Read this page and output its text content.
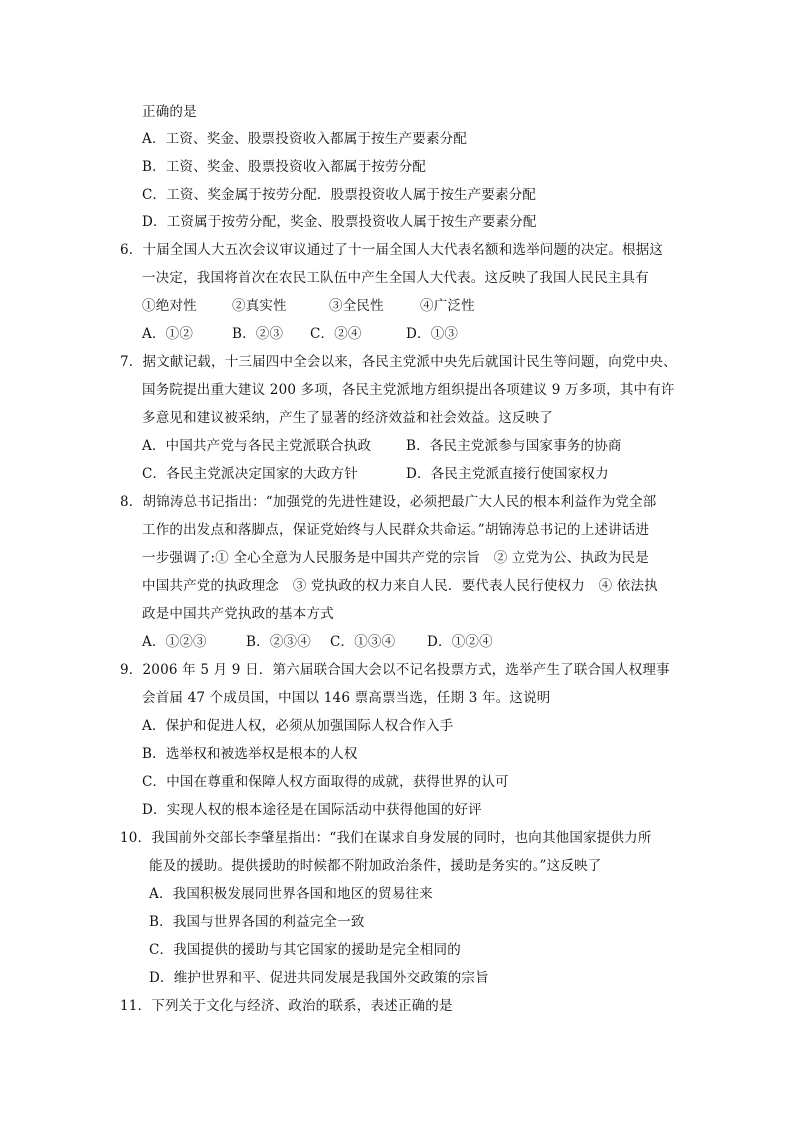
正确的是
A．工资、奖金、股票投资收入都属于按生产要素分配
B．工资、奖金、股票投资收入都属于按劳分配
C．工资、奖金属于按劳分配．股票投资收人属于按生产要素分配
D．工资属于按劳分配，奖金、股票投资收人属于按生产要素分配
6．十届全国人大五次会议审议通过了十一届全国人大代表名额和选举问题的决定。根据这
一决定，我国将首次在农民工队伍中产生全国人大代表。这反映了我国人民民主具有
①绝对性	②真实性	③全民性	④广泛性
A．①②	B．②③ C．②④	D．①③
7．据文献记载，十三届四中全会以来，各民主党派中央先后就国计民生等问题，向党中央、
国务院提出重大建议 200 多项，各民主党派地方组织提出各项建议 9 万多项，其中有许
多意见和建议被采纳，产生了显著的经济效益和社会效益。这反映了
A．中国共产党与各民主党派联合执政	B．各民主党派参与国家事务的协商
C．各民主党派决定国家的大政方针	D．各民主党派直接行使国家权力
8．胡锦涛总书记指出：“加强党的先进性建设，必须把最广大人民的根本利益作为党全部
工作的出发点和落脚点，保证党始终与人民群众共命运。”胡锦涛总书记的上述讲话进
一步强调了:① 全心全意为人民服务是中国共产党的宗旨　② 立党为公、执政为民是
中国共产党的执政理念　③ 党执政的权力来自人民．要代表人民行使权力　④ 依法执
政是中国共产党执政的基本方式
A．①②③	B．②③④ C．①③④ D．①②④
9．2006 年 5 月 9 日．第六届联合国大会以不记名投票方式，选举产生了联合国人权理事
会首届 47 个成员国，中国以 146 票高票当选，任期 3 年。这说明
A．保护和促进人权，必须从加强国际人权合作入手
B．选举权和被选举权是根本的人权
C．中国在尊重和保障人权方面取得的成就，获得世界的认可
D．实现人权的根本途径是在国际活动中获得他国的好评
10．我国前外交部长李肇星指出：“我们在谋求自身发展的同时，也向其他国家提供力所
能及的援助。提供援助的时候都不附加政治条件，援助是务实的。”这反映了
A．我国积极发展同世界各国和地区的贸易往来
B．我国与世界各国的利益完全一致
C．我国提供的援助与其它国家的援助是完全相同的
D．维护世界和平、促进共同发展是我国外交政策的宗旨
11．下列关于文化与经济、政治的联系，表述正确的是
